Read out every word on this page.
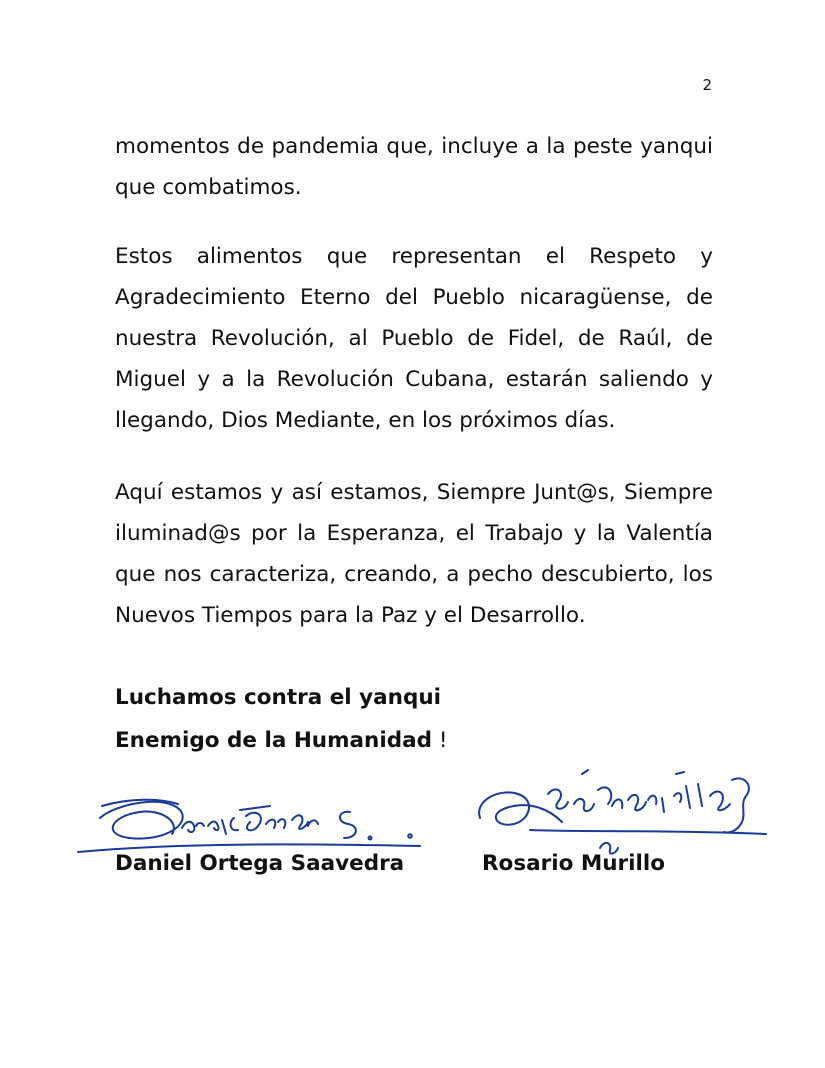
2

momentos de pandemia que, incluye a la peste yanqui que combatimos.

Estos alimentos que representan el Respeto y Agradecimiento Eterno del Pueblo nicaragüense, de nuestra Revolución, al Pueblo de Fidel, de Raúl, de Miguel y a la Revolución Cubana, estarán saliendo y llegando, Dios Mediante, en los próximos días.

Aquí estamos y así estamos, Siempre Junt@s, Siempre iluminad@s por la Esperanza, el Trabajo y la Valentía que nos caracteriza, creando, a pecho descubierto, los Nuevos Tiempos para la Paz y el Desarrollo.

Luchamos contra el yanqui
Enemigo de la Humanidad !
Daniel Ortega Saavedra	Rosario Murillo
